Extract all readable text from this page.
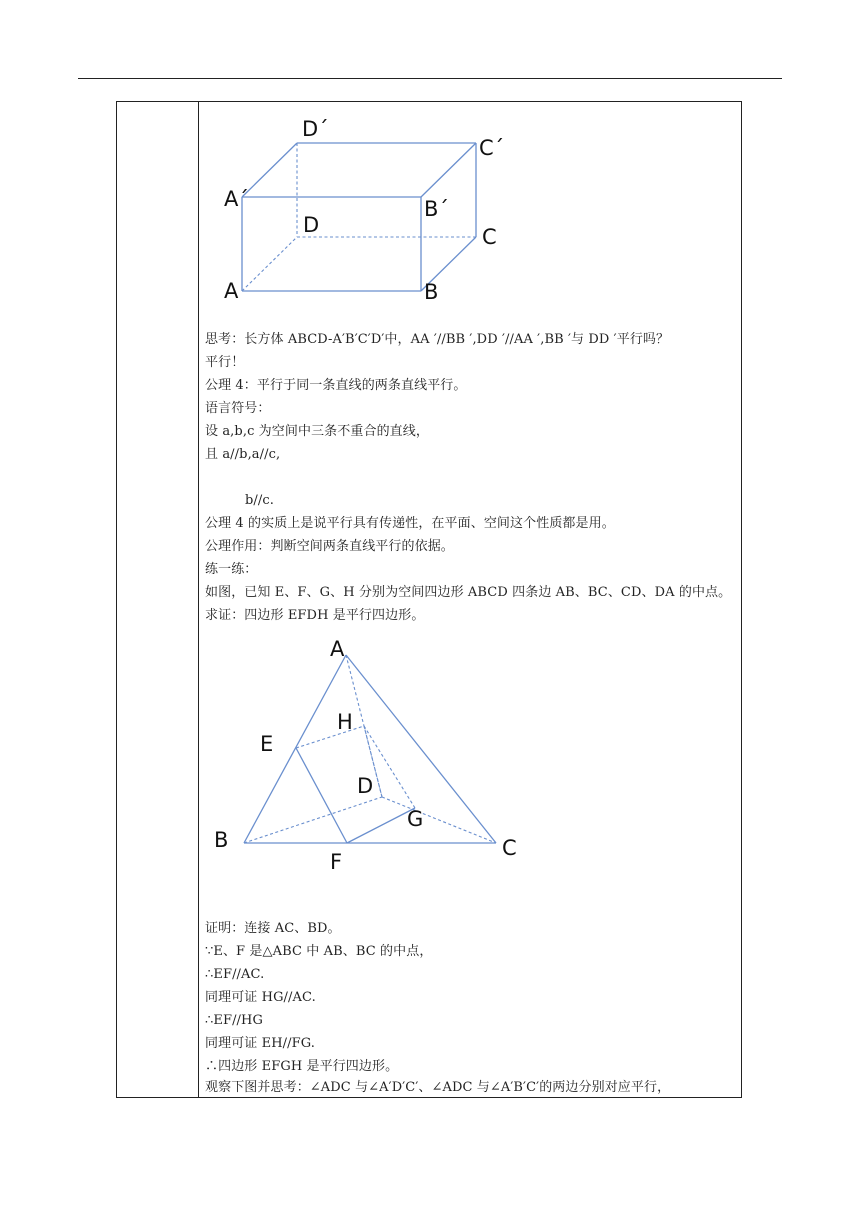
D´
C´
A´	B´
D	C
A	B
思考：长方体 ABCD-A′B′C′D′中，AA ′//BB ′,DD ′//AA ′,BB ′与 DD ′平行吗？
平行！
公理 4：平行于同一条直线的两条直线平行。
语言符号：
设 a,b,c 为空间中三条不重合的直线，
且 a//b,a//c,
b//c.
公理 4 的实质上是说平行具有传递性，在平面、空间这个性质都是用。
公理作用：判断空间两条直线平行的依据。
练一练：
如图，已知 E、F、G、H 分别为空间四边形 ABCD 四条边 AB、BC、CD、DA 的中点。
求证：四边形 EFDH 是平行四边形。
证明：连接 AC、BD。
∵E、F 是△ABC 中 AB、BC 的中点，
∴EF//AC.
同理可证 HG//AC.
∴EF//HG
同理可证 EH//FG.
∴四边形 EFGH 是平行四边形。
观察下图并思考：∠ADC 与∠A′D′C′、∠ADC 与∠A′B′C′的两边分别对应平行，
A
H
E
D
G
B
F
C
